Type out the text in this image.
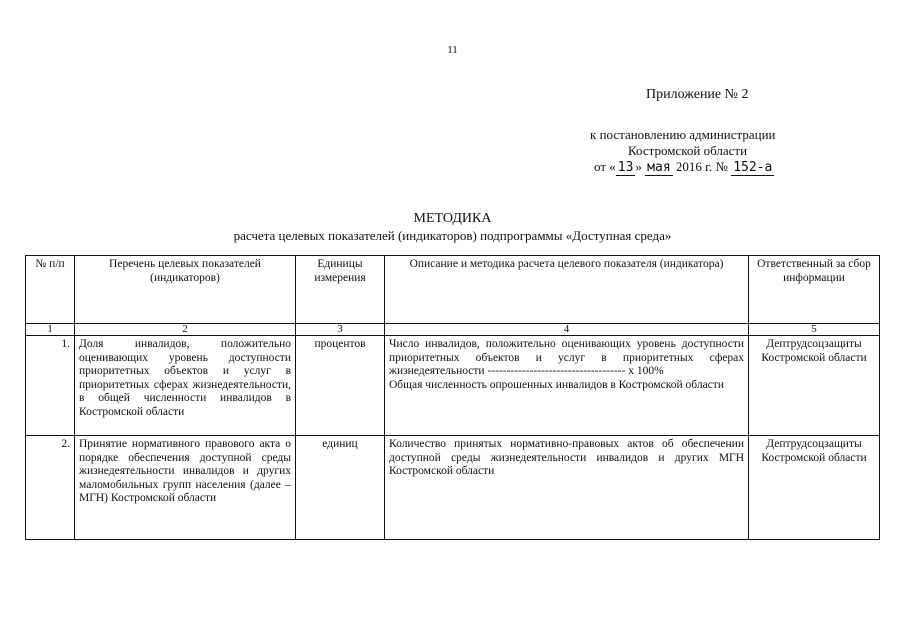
11
Приложение № 2
к постановлению администрации
Костромской области
от « 13 » мая 2016 г. № 152-а
МЕТОДИКА
расчета целевых показателей (индикаторов) подпрограммы «Доступная среда»
№ п/п	Перечень целевых показателей (индикаторов)	Единицы измерения	Описание и методика расчета целевого показателя (индикатора)	Ответственный за сбор информации
1	2	3	4	5
1.	Доля инвалидов, положительно оценивающих уровень доступности приоритетных объектов и услуг в приоритетных сферах жизнедеятельности, в общей численности инвалидов в Костромской области	процентов	Число инвалидов, положительно оценивающих уровень доступности приоритетных объектов и услуг в приоритетных сферах жизнедеятельности ------------------------------------ х 100%
Общая численность опрошенных инвалидов в Костромской области	Дептрудсоцзащиты Костромской области
2.	Принятие нормативного правового акта о порядке обеспечения доступной среды жизнедеятельности инвалидов и других маломобильных групп населения (далее – МГН) Костромской области	единиц	Количество принятых нормативно-правовых актов об обеспечении доступной среды жизнедеятельности инвалидов и других МГН Костромской области	Дептрудсоцзащиты Костромской области
